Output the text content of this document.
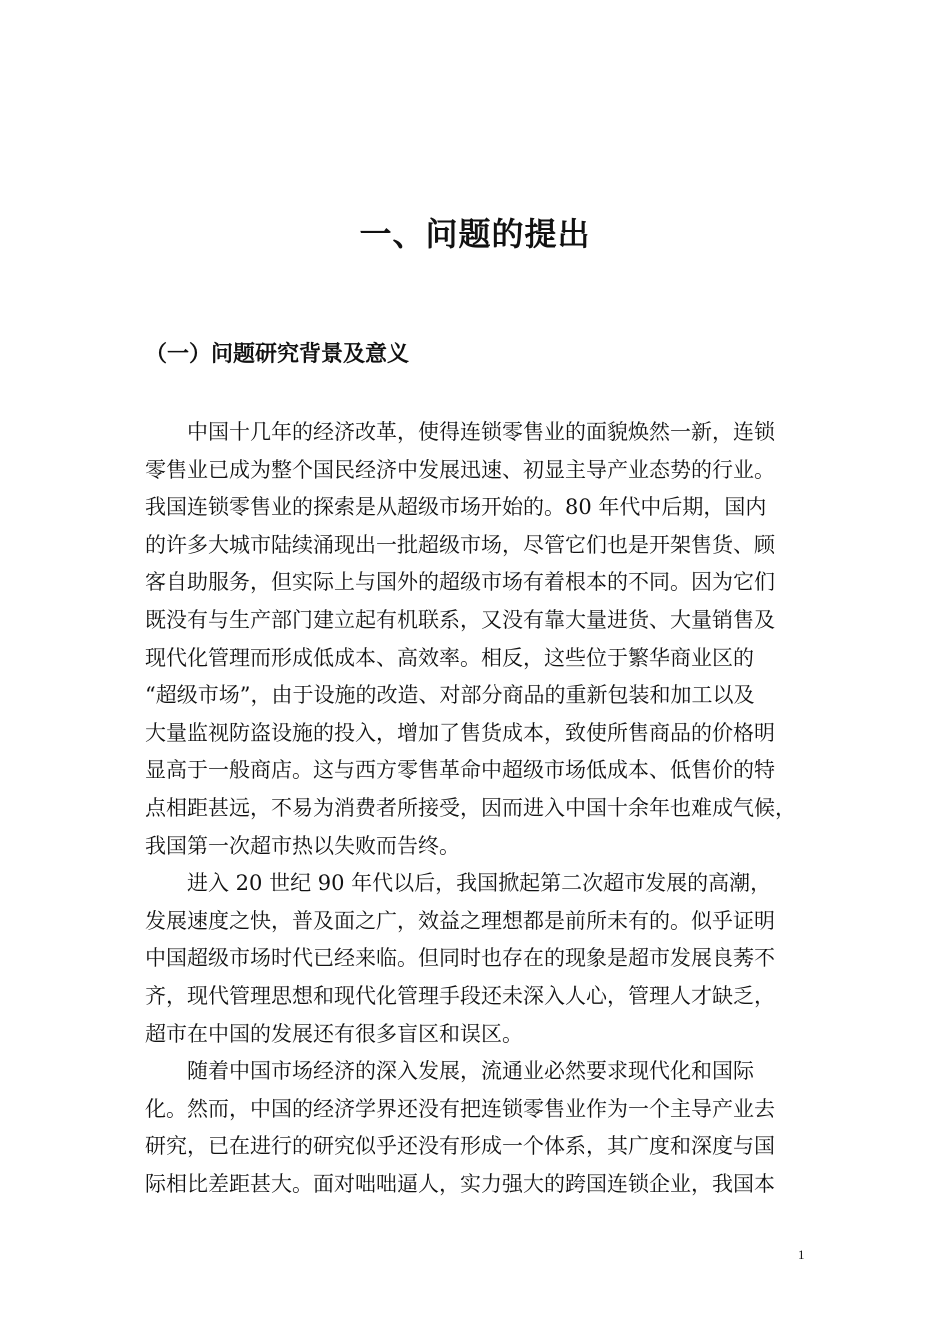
一、问题的提出
（一）问题研究背景及意义
中国十几年的经济改革，使得连锁零售业的面貌焕然一新，连锁
零售业已成为整个国民经济中发展迅速、初显主导产业态势的行业。
我国连锁零售业的探索是从超级市场开始的。80 年代中后期，国内
的许多大城市陆续涌现出一批超级市场，尽管它们也是开架售货、顾
客自助服务，但实际上与国外的超级市场有着根本的不同。因为它们
既没有与生产部门建立起有机联系，又没有靠大量进货、大量销售及
现代化管理而形成低成本、高效率。相反，这些位于繁华商业区的
“超级市场”，由于设施的改造、对部分商品的重新包装和加工以及
大量监视防盗设施的投入，增加了售货成本，致使所售商品的价格明
显高于一般商店。这与西方零售革命中超级市场低成本、低售价的特
点相距甚远，不易为消费者所接受，因而进入中国十余年也难成气候，
我国第一次超市热以失败而告终。
进入 20 世纪 90 年代以后，我国掀起第二次超市发展的高潮，
发展速度之快，普及面之广，效益之理想都是前所未有的。似乎证明
中国超级市场时代已经来临。但同时也存在的现象是超市发展良莠不
齐，现代管理思想和现代化管理手段还未深入人心，管理人才缺乏，
超市在中国的发展还有很多盲区和误区。
随着中国市场经济的深入发展，流通业必然要求现代化和国际
化。然而，中国的经济学界还没有把连锁零售业作为一个主导产业去
研究，已在进行的研究似乎还没有形成一个体系，其广度和深度与国
际相比差距甚大。面对咄咄逼人，实力强大的跨国连锁企业，我国本
1
